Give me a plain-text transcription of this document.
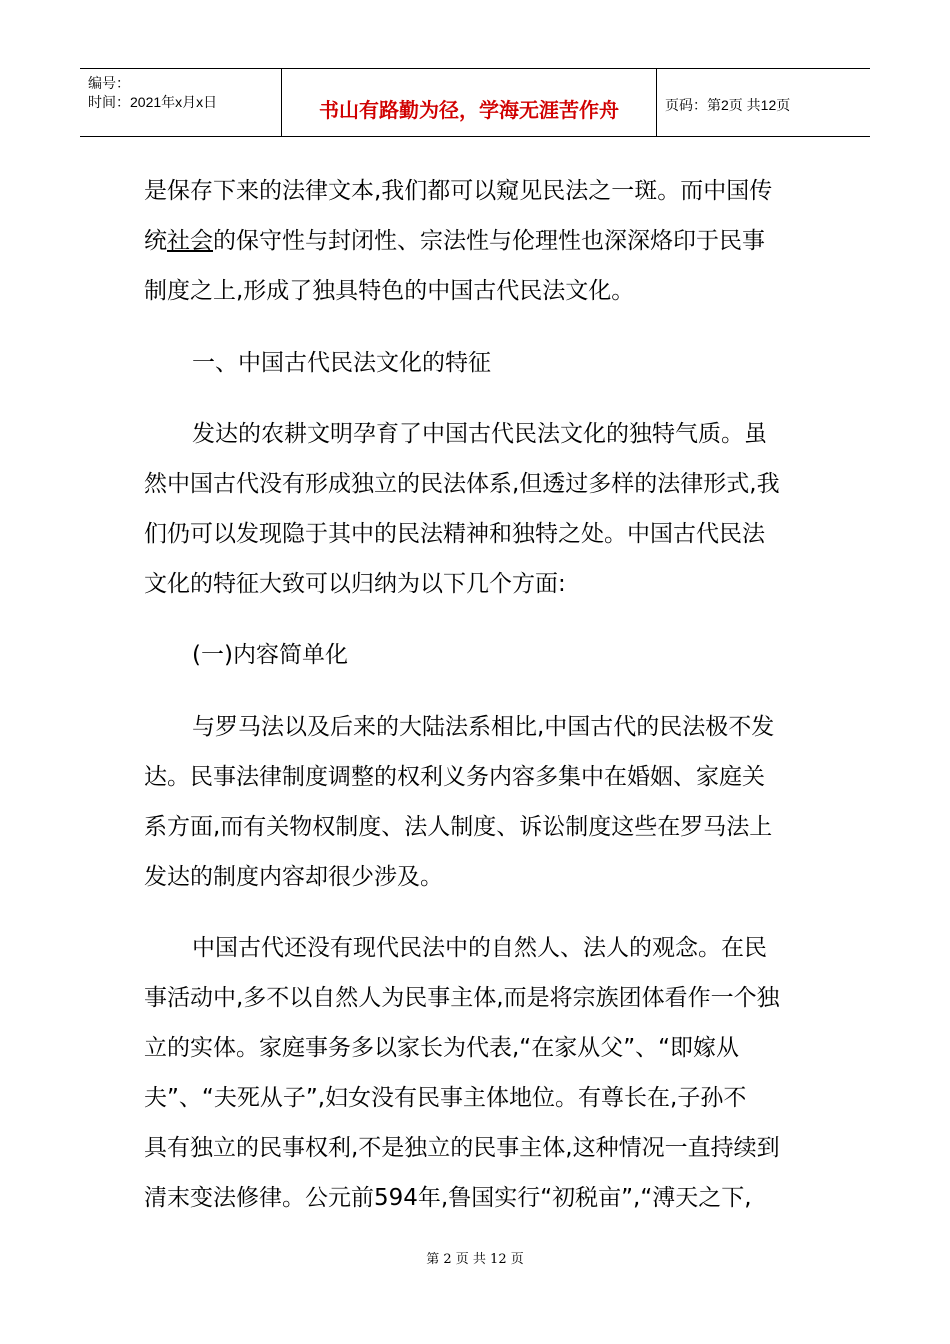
编号：
时间：2021年x月x日	书山有路勤为径，学海无涯苦作舟	页码：第2页 共12页
是保存下来的法律文本,我们都可以窥见民法之一斑。而中国传
统社会的保守性与封闭性、宗法性与伦理性也深深烙印于民事
制度之上,形成了独具特色的中国古代民法文化。
一、中国古代民法文化的特征
发达的农耕文明孕育了中国古代民法文化的独特气质。虽
然中国古代没有形成独立的民法体系,但透过多样的法律形式,我
们仍可以发现隐于其中的民法精神和独特之处。中国古代民法
文化的特征大致可以归纳为以下几个方面:
(一)内容简单化
与罗马法以及后来的大陆法系相比,中国古代的民法极不发
达。民事法律制度调整的权利义务内容多集中在婚姻、家庭关
系方面,而有关物权制度、法人制度、诉讼制度这些在罗马法上
发达的制度内容却很少涉及。
中国古代还没有现代民法中的自然人、法人的观念。在民
事活动中,多不以自然人为民事主体,而是将宗族团体看作一个独
立的实体。家庭事务多以家长为代表,“在家从父”、“即嫁从
夫”、“夫死从子”,妇女没有民事主体地位。有尊长在,子孙不
具有独立的民事权利,不是独立的民事主体,这种情况一直持续到
清末变法修律。公元前594年,鲁国实行“初税亩”,“溥天之下,
第 2 页 共 12 页
